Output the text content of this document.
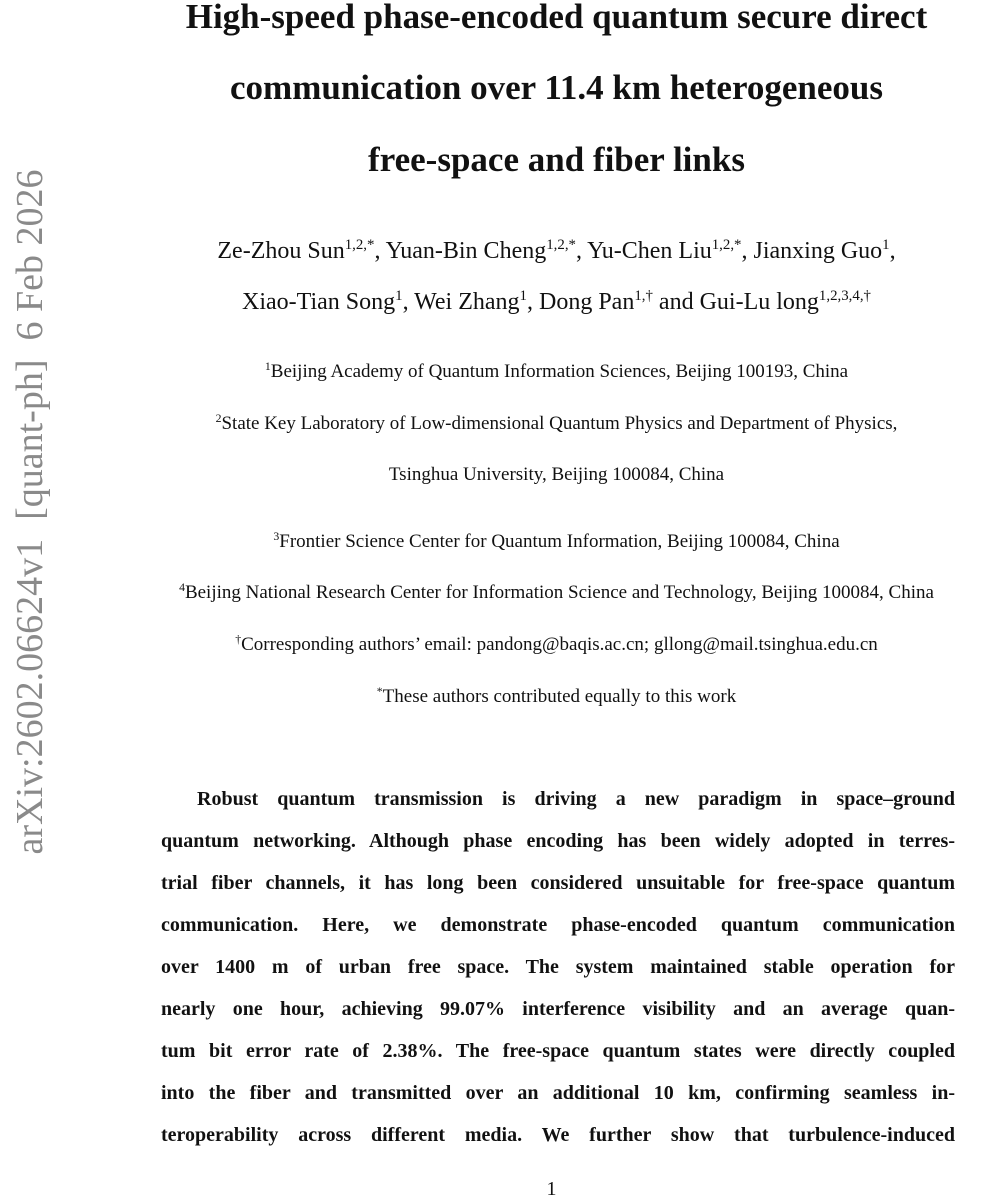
arXiv:2602.06624v1  [quant-ph]  6 Feb 2026
High-speed phase-encoded quantum secure direct
communication over 11.4 km heterogeneous
free-space and fiber links
Ze-Zhou Sun$^{1,2,*}$, Yuan-Bin Cheng$^{1,2,*}$, Yu-Chen Liu$^{1,2,*}$, Jianxing Guo$^1$,
Xiao-Tian Song$^1$, Wei Zhang$^1$, Dong Pan$^{1,\dagger}$ and Gui-Lu long$^{1,2,3,4,\dagger}$
$^1$Beijing Academy of Quantum Information Sciences, Beijing 100193, China
$^2$State Key Laboratory of Low-dimensional Quantum Physics and Department of Physics,
Tsinghua University, Beijing 100084, China
$^3$Frontier Science Center for Quantum Information, Beijing 100084, China
$^4$Beijing National Research Center for Information Science and Technology, Beijing 100084, China
†Corresponding authors’ email: pandong@baqis.ac.cn; gllong@mail.tsinghua.edu.cn
*These authors contributed equally to this work
Robust quantum transmission is driving a new paradigm in space–ground
quantum networking. Although phase encoding has been widely adopted in terres-
trial fiber channels, it has long been considered unsuitable for free-space quantum
communication. Here, we demonstrate phase-encoded quantum communication
over 1400 m of urban free space. The system maintained stable operation for
nearly one hour, achieving 99.07% interference visibility and an average quan-
tum bit error rate of 2.38%. The free-space quantum states were directly coupled
into the fiber and transmitted over an additional 10 km, confirming seamless in-
teroperability across different media. We further show that turbulence-induced
1
